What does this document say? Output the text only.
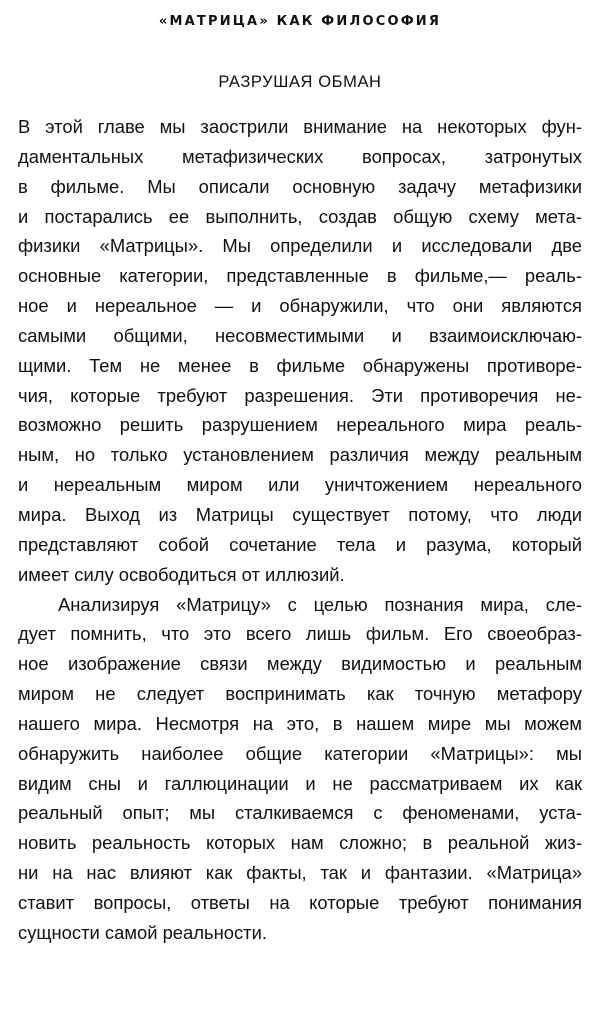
«МАТРИЦА» КАК ФИЛОСОФИЯ
РАЗРУШАЯ ОБМАН
В этой главе мы заострили внимание на некоторых фун-
даментальных метафизических вопросах, затронутых
в фильме. Мы описали основную задачу метафизики
и постарались ее выполнить, создав общую схему мета-
физики «Матрицы». Мы определили и исследовали две
основные категории, представленные в фильме,— реаль-
ное и нереальное — и обнаружили, что они являются
самыми общими, несовместимыми и взаимоисключаю-
щими. Тем не менее в фильме обнаружены противоре-
чия, которые требуют разрешения. Эти противоречия не-
возможно решить разрушением нереального мира реаль-
ным, но только установлением различия между реальным
и нереальным миром или уничтожением нереального
мира. Выход из Матрицы существует потому, что люди
представляют собой сочетание тела и разума, который
имеет силу освободиться от иллюзий.
Анализируя «Матрицу» с целью познания мира, сле-
дует помнить, что это всего лишь фильм. Его своеобраз-
ное изображение связи между видимостью и реальным
миром не следует воспринимать как точную метафору
нашего мира. Несмотря на это, в нашем мире мы можем
обнаружить наиболее общие категории «Матрицы»: мы
видим сны и галлюцинации и не рассматриваем их как
реальный опыт; мы сталкиваемся с феноменами, уста-
новить реальность которых нам сложно; в реальной жиз-
ни на нас влияют как факты, так и фантазии. «Матрица»
ставит вопросы, ответы на которые требуют понимания
сущности самой реальности.
